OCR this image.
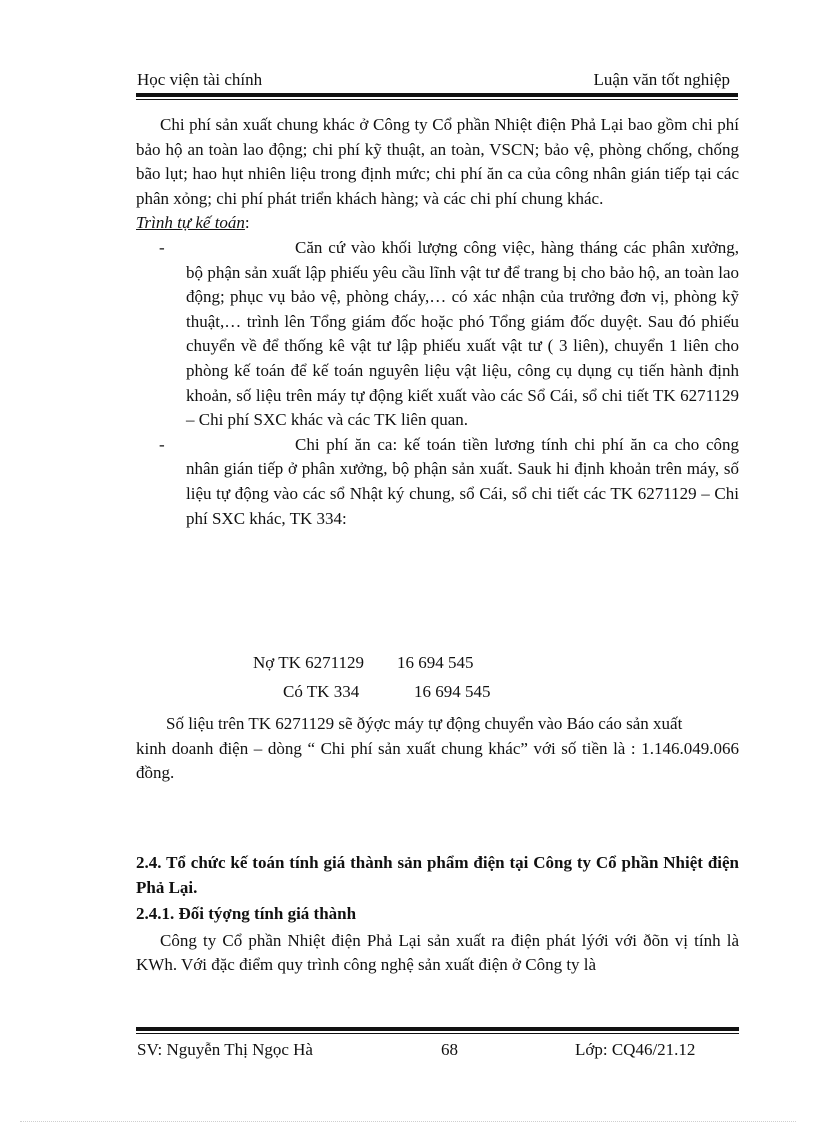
Học viện tài chính	Luận văn tốt nghiệp

Chi phí sản xuất chung khác ở Công ty Cổ phần Nhiệt điện Phả Lại bao gồm chi phí bảo hộ an toàn lao động; chi phí kỹ thuật, an toàn, VSCN; bảo vệ, phòng chống, chống bão lụt; hao hụt nhiên liệu trong định mức; chi phí ăn ca của công nhân gián tiếp tại các phân xỏng; chi phí phát triển khách hàng; và các chi phí chung khác.

Trình tự kế toán:

-	Căn cứ vào khối lượng công việc, hàng tháng các phân xưởng, bộ phận sản xuất lập phiếu yêu cầu lĩnh vật tư để trang bị cho bảo hộ, an toàn lao động; phục vụ bảo vệ, phòng cháy,… có xác nhận của trưởng đơn vị, phòng kỹ thuật,… trình lên Tổng giám đốc hoặc phó Tổng giám đốc duyệt. Sau đó phiếu chuyển về để thống kê vật tư lập phiếu xuất vật tư ( 3 liên), chuyển 1 liên cho phòng kế toán để kế toán nguyên liệu vật liệu, công cụ dụng cụ tiến hành định khoản, số liệu trên máy tự động kiết xuất vào các Sổ Cái, sổ chi tiết TK 6271129 – Chi phí SXC khác và các TK liên quan.

-	Chi phí ăn ca: kế toán tiền lương tính chi phí ăn ca cho công nhân gián tiếp ở phân xưởng, bộ phận sản xuất. Sauk hi định khoản trên máy, số liệu tự động vào các sổ Nhật ký chung, sổ Cái, sổ chi tiết các TK 6271129 – Chi phí SXC khác, TK 334:

Nợ TK 6271129 16 694 545
Có TK 334	16 694 545

Số liệu trên TK 6271129 sẽ ðýợc máy tự động chuyển vào Báo cáo sản xuất

kinh doanh điện – dòng “ Chi phí sản xuất chung khác” với số tiền là : 1.146.049.066 đồng.

2.4. Tổ chức kế toán tính giá thành sản phẩm điện tại Công ty Cổ phần Nhiệt điện Phả Lại.

2.4.1. Đối týợng tính giá thành

Công ty Cổ phần Nhiệt điện Phả Lại sản xuất ra điện phát lýới với ðõn vị tính là KWh. Với đặc điểm quy trình công nghệ sản xuất điện ở Công ty là

SV: Nguyễn Thị Ngọc Hà	68	Lớp: CQ46/21.12
